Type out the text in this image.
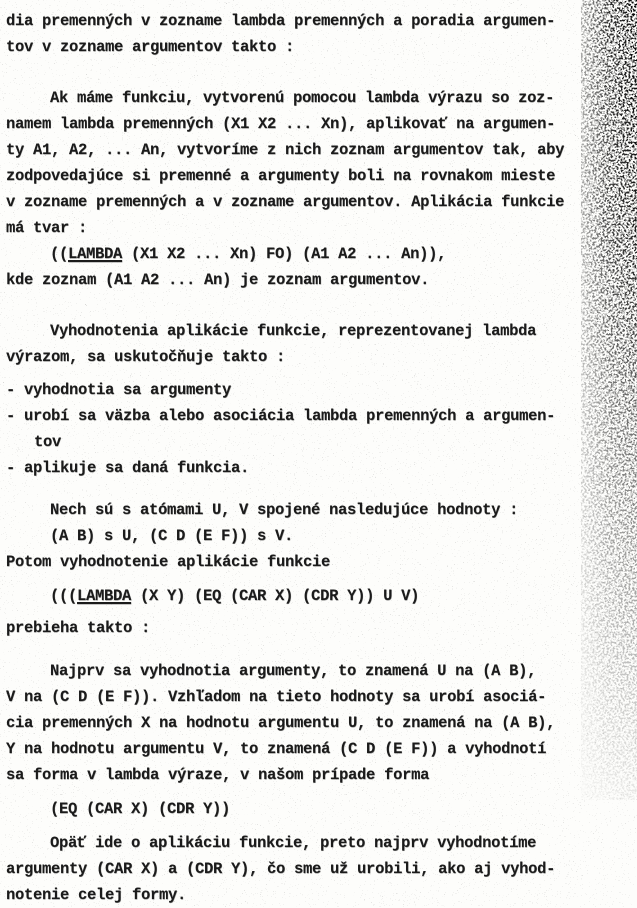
dia premenných v zozname lambda premenných a poradia argumen-
tov v zozname argumentov takto :
Ak máme funkciu, vytvorenú pomocou lambda výrazu so zoz-
namem lambda premenných (X1 X2 ... Xn), aplikovať na argumen-
ty A1, A2, ... An, vytvoríme z nich zoznam argumentov tak, aby
zodpovedajúce si premenné a argumenty boli na rovnakom mieste
v zozname premenných a v zozname argumentov. Aplikácia funkcie
má tvar :
((LAMBDA (X1 X2 ... Xn) FO) (A1 A2 ... An)),
kde zoznam (A1 A2 ... An) je zoznam argumentov.
Vyhodnotenia aplikácie funkcie, reprezentovanej lambda
výrazom, sa uskutočňuje takto :
- vyhodnotia sa argumenty
- urobí sa väzba alebo asociácia lambda premenných a argumen-
tov
- aplikuje sa daná funkcia.
Nech sú s atómami U, V spojené nasledujúce hodnoty :
(A B) s U, (C D (E F)) s V.
Potom vyhodnotenie aplikácie funkcie
(((LAMBDA (X Y) (EQ (CAR X) (CDR Y)) U V)
prebieha takto :
Najprv sa vyhodnotia argumenty, to znamená U na (A B),
V na (C D (E F)). Vzhľadom na tieto hodnoty sa urobí asociá-
cia premenných X na hodnotu argumentu U, to znamená na (A B),
Y na hodnotu argumentu V, to znamená (C D (E F)) a vyhodnotí
sa forma v lambda výraze, v našom prípade forma
(EQ (CAR X) (CDR Y))
Opäť ide o aplikáciu funkcie, preto najprv vyhodnotíme
argumenty (CAR X) a (CDR Y), čo sme už urobili, ako aj vyhod-
notenie celej formy.
